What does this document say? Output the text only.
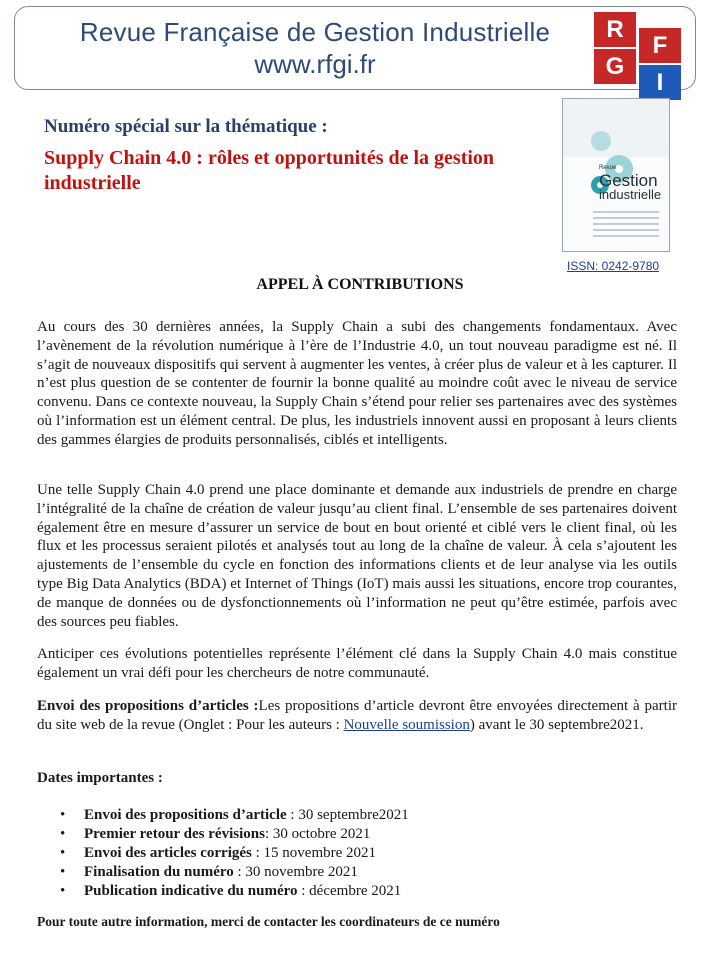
Revue Française de Gestion Industrielle
www.rfgi.fr
R
F
G
I
Numéro spécial sur la thématique :
Supply Chain 4.0 : rôles et opportunités de la gestion industrielle
Revue
Gestion
industrielle
ISSN: 0242-9780
APPEL À CONTRIBUTIONS

Au cours des 30 dernières années, la Supply Chain a subi des changements fondamentaux. Avec l’avènement de la révolution numérique à l’ère de l’Industrie 4.0, un tout nouveau paradigme est né. Il s’agit de nouveaux dispositifs qui servent à augmenter les ventes, à créer plus de valeur et à les capturer. Il n’est plus question de se contenter de fournir la bonne qualité au moindre coût avec le niveau de service convenu. Dans ce contexte nouveau, la Supply Chain s’étend pour relier ses partenaires avec des systèmes où l’information est un élément central. De plus, les industriels innovent aussi en proposant à leurs clients des gammes élargies de produits personnalisés, ciblés et intelligents.

Une telle Supply Chain 4.0 prend une place dominante et demande aux industriels de prendre en charge l’intégralité de la chaîne de création de valeur jusqu’au client final. L’ensemble de ses partenaires doivent également être en mesure d’assurer un service de bout en bout orienté et ciblé vers le client final, où les flux et les processus seraient pilotés et analysés tout au long de la chaîne de valeur. À cela s’ajoutent les ajustements de l’ensemble du cycle en fonction des informations clients et de leur analyse via les outils type Big Data Analytics (BDA) et Internet of Things (IoT) mais aussi les situations, encore trop courantes, de manque de données ou de dysfonctionnements où l’information ne peut qu’être estimée, parfois avec des sources peu fiables.

Anticiper ces évolutions potentielles représente l’élément clé dans la Supply Chain 4.0 mais constitue également un vrai défi pour les chercheurs de notre communauté.

Envoi des propositions d’articles :Les propositions d’article devront être envoyées directement à partir du site web de la revue (Onglet : Pour les auteurs : Nouvelle soumission) avant le 30 septembre2021.

Dates importantes :
• Envoi des propositions d’article : 30 septembre2021
• Premier retour des révisions: 30 octobre 2021
• Envoi des articles corrigés : 15 novembre 2021
• Finalisation du numéro : 30 novembre 2021
• Publication indicative du numéro : décembre 2021
Pour toute autre information, merci de contacter les coordinateurs de ce numéro
